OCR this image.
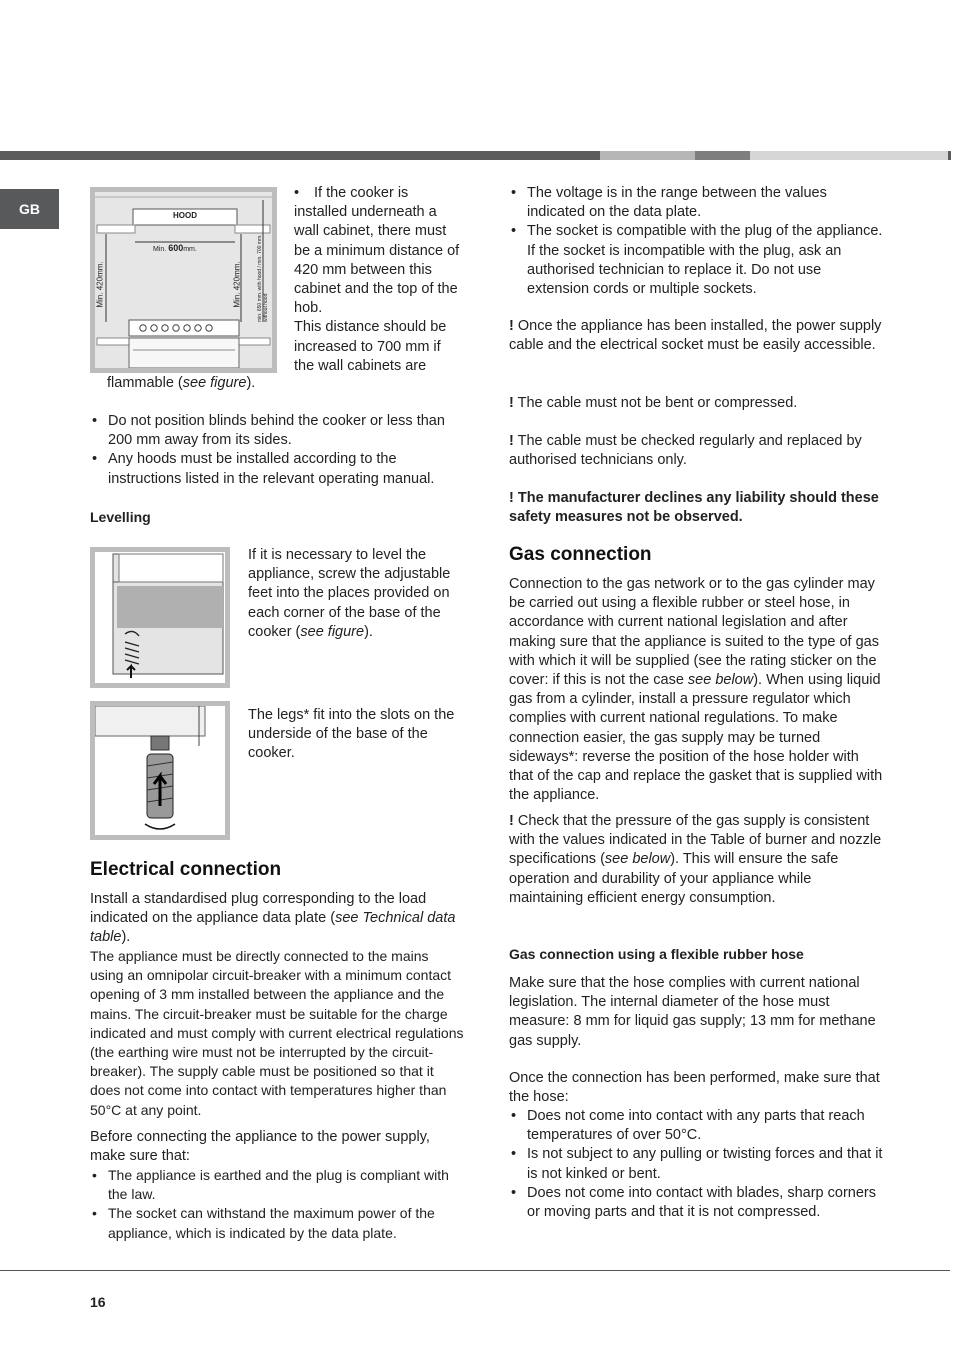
GB	HOOD
Min. 600mm.
Min. 420mm.	Min. 420mm.	min. 650 mm. with hood / min. 700 mm. without hood

• If the cooker is installed underneath a wall cabinet, there must be a minimum distance of 420 mm between this cabinet and the top of the hob.

This distance should be increased to 700 mm if the wall cabinets are

flammable (see figure).

• Do not position blinds behind the cooker or less than 200 mm away from its sides.
• Any hoods must be installed according to the instructions listed in the relevant operating manual.
Levelling

If it is necessary to level the appliance, screw the adjustable feet into the places provided on each corner of the base of the cooker (see figure).

The legs* fit into the slots on the underside of the base of the cooker.

Electrical connection

Install a standardised plug corresponding to the load indicated on the appliance data plate (see Technical data table).

The appliance must be directly connected to the mains using an omnipolar circuit-breaker with a minimum contact opening of 3 mm installed between the appliance and the mains. The circuit-breaker must be suitable for the charge indicated and must comply with current electrical regulations (the earthing wire must not be interrupted by the circuit-breaker). The supply cable must be positioned so that it does not come into contact with temperatures higher than 50°C at any point.

Before connecting the appliance to the power supply, make sure that:

• The appliance is earthed and the plug is compliant with the law.
• The socket can withstand the maximum power of the appliance, which is indicated by the data plate.
• The voltage is in the range between the values indicated on the data plate.
• The socket is compatible with the plug of the appliance. If the socket is incompatible with the plug, ask an authorised technician to replace it. Do not use extension cords or multiple sockets.

! Once the appliance has been installed, the power supply cable and the electrical socket must be easily accessible.

! The cable must not be bent or compressed.

! The cable must be checked regularly and replaced by authorised technicians only.

! The manufacturer declines any liability should these safety measures not be observed.

Gas connection

Connection to the gas network or to the gas cylinder may be carried out using a flexible rubber or steel hose, in accordance with current national legislation and after making sure that the appliance is suited to the type of gas with which it will be supplied (see the rating sticker on the cover: if this is not the case see below). When using liquid gas from a cylinder, install a pressure regulator which complies with current national regulations. To make connection easier, the gas supply may be turned sideways*: reverse the position of the hose holder with that of the cap and replace the gasket that is supplied with the appliance.

! Check that the pressure of the gas supply is consistent with the values indicated in the Table of burner and nozzle specifications (see below). This will ensure the safe operation and durability of your appliance while maintaining efficient energy consumption.

Gas connection using a flexible rubber hose

Make sure that the hose complies with current national legislation. The internal diameter of the hose must measure: 8 mm for liquid gas supply; 13 mm for methane gas supply.

Once the connection has been performed, make sure that the hose:

• Does not come into contact with any parts that reach temperatures of over 50°C.
• Is not subject to any pulling or twisting forces and that it is not kinked or bent.
• Does not come into contact with blades, sharp corners or moving parts and that it is not compressed.
16
